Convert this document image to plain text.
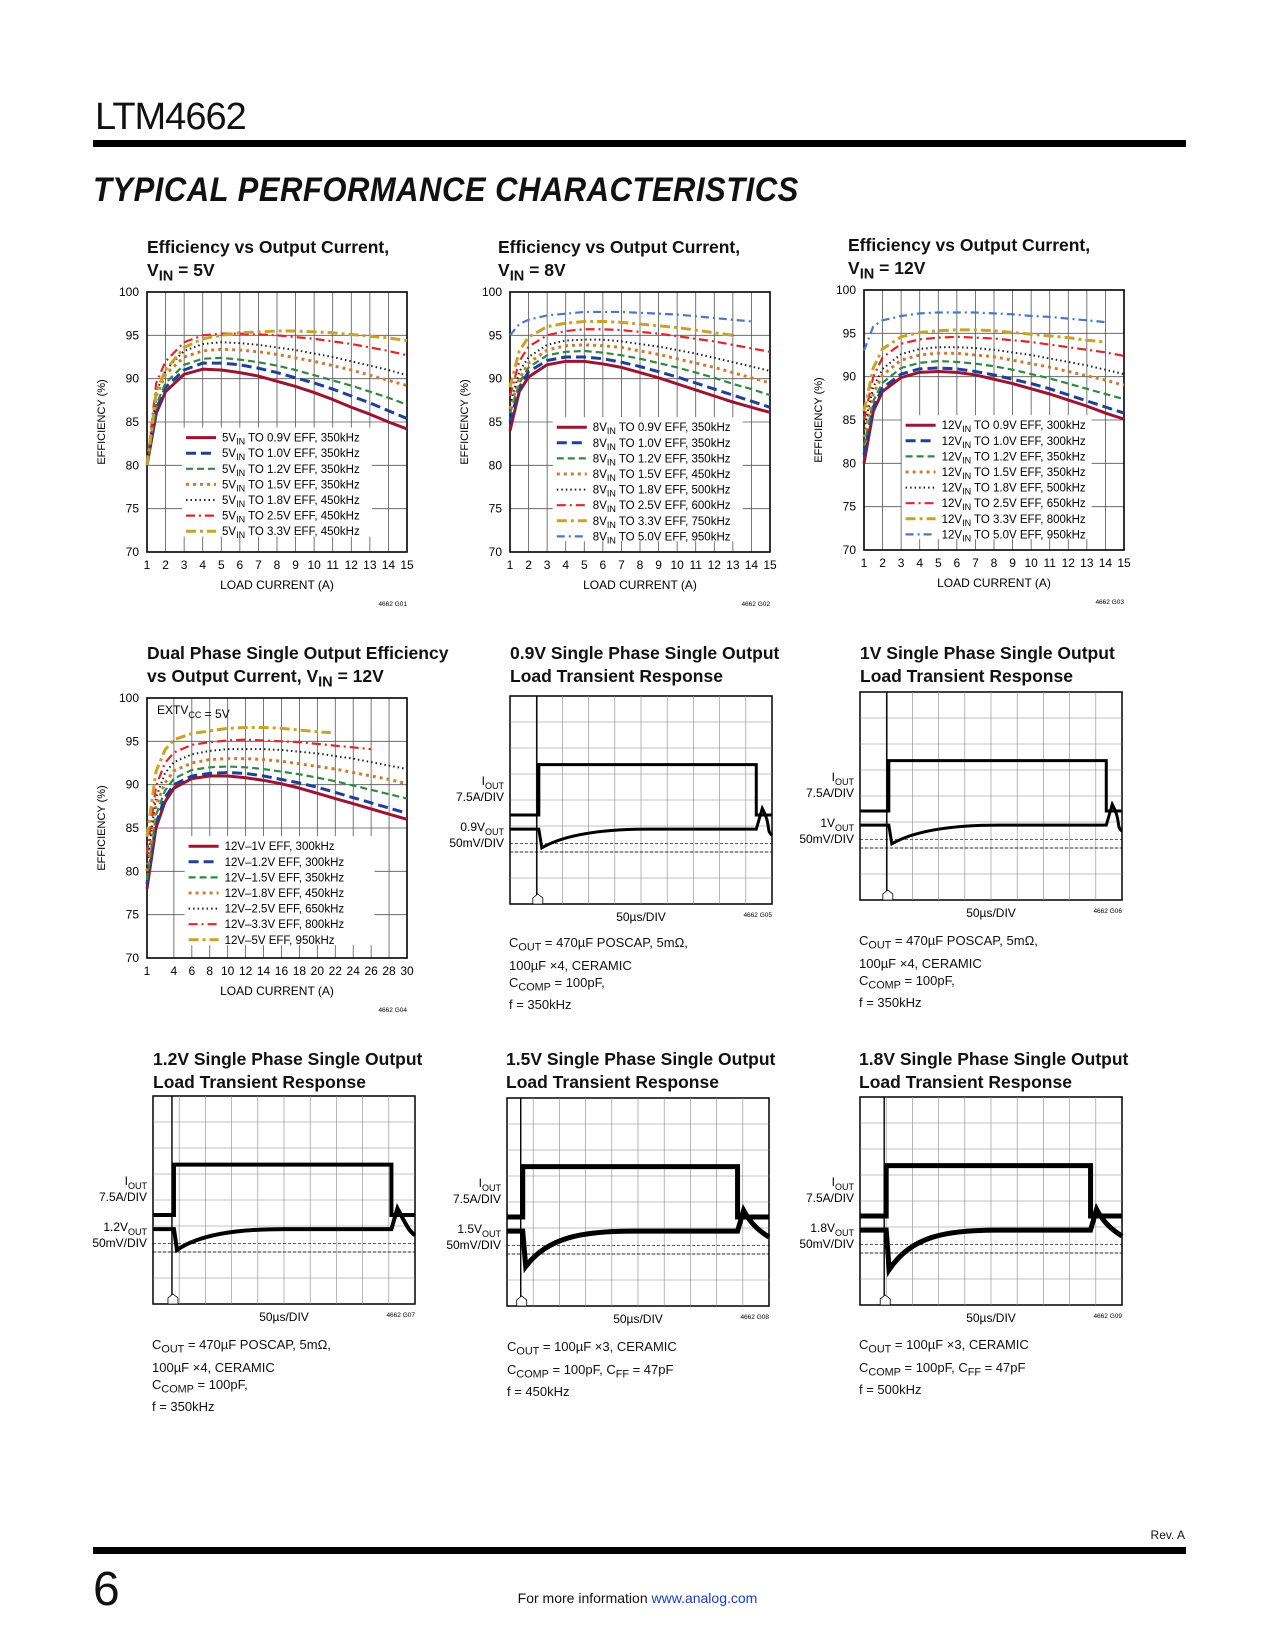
LTM4662
TYPICAL PERFORMANCE CHARACTERISTICS
Efficiency vs Output Current,
$V_{IN} = 5V$
1 2 3 4 5 6 7 8 9 10 11 12 13 14 15
70
75
80
85
90
95
100
LOAD CURRENT (A)
EFFICIENCY (%)
4662 G01
$5V_{IN}$ TO 0.9V EFF, 350kHz
$5V_{IN}$ TO 1.0V EFF, 350kHz
$5V_{IN}$ TO 1.2V EFF, 350kHz
$5V_{IN}$ TO 1.5V EFF, 350kHz
$5V_{IN}$ TO 1.8V EFF, 450kHz
$5V_{IN}$ TO 2.5V EFF, 450kHz
$5V_{IN}$ TO 3.3V EFF, 450kHz
Efficiency vs Output Current,
$V_{IN} = 8V$
1 2 3 4 5 6 7 8 9 10 11 12 13 14 15
70
75
80
85
90
95
100
LOAD CURRENT (A)
EFFICIENCY (%)
4662 G02
$8V_{IN}$ TO 0.9V EFF, 350kHz
$8V_{IN}$ TO 1.0V EFF, 350kHz
$8V_{IN}$ TO 1.2V EFF, 350kHz
$8V_{IN}$ TO 1.5V EFF, 450kHz
$8V_{IN}$ TO 1.8V EFF, 500kHz
$8V_{IN}$ TO 2.5V EFF, 600kHz
$8V_{IN}$ TO 3.3V EFF, 750kHz
$8V_{IN}$ TO 5.0V EFF, 950kHz
Efficiency vs Output Current,
$V_{IN} = 12V$
1 2 3 4 5 6 7 8 9 10 11 12 13 14 15
70
75
80
85
90
95
100
LOAD CURRENT (A)
EFFICIENCY (%)
4662 G03
$12V_{IN}$ TO 0.9V EFF, 300kHz
$12V_{IN}$ TO 1.0V EFF, 300kHz
$12V_{IN}$ TO 1.2V EFF, 350kHz
$12V_{IN}$ TO 1.5V EFF, 350kHz
$12V_{IN}$ TO 1.8V EFF, 500kHz
$12V_{IN}$ TO 2.5V EFF, 650kHz
$12V_{IN}$ TO 3.3V EFF, 800kHz
$12V_{IN}$ TO 5.0V EFF, 950kHz
Dual Phase Single Output Efficiency
vs Output Current, $V_{IN} = 12V$
1 4 6 8 10 12 14 16 18 20 22 24 26 28 30
70
75
80
85
90
95
100
LOAD CURRENT (A)
EFFICIENCY (%)
4662 G04
12V–1V EFF, 300kHz
12V–1.2V EFF, 300kHz
12V–1.5V EFF, 350kHz
12V–1.8V EFF, 450kHz
12V–2.5V EFF, 650kHz
12V–3.3V EFF, 800kHz
12V–5V EFF, 950kHz
$EXTV_{CC} = 5V$
0.9V Single Phase Single Output
Load Transient Response
$I_{OUT}$
7.5A/DIV
$0.9V_{OUT}$
50mV/DIV
50µs/DIV	4662 G05
$C_{OUT} = 470\mu F$ POSCAP, 5mΩ,
100µF ×4, CERAMIC
$C_{COMP} = 100pF$,
f = 350kHz
1V Single Phase Single Output
Load Transient Response
$I_{OUT}$
7.5A/DIV
$1V_{OUT}$
50mV/DIV
50µs/DIV	4662 G06
$C_{OUT} = 470\mu F$ POSCAP, 5mΩ,
100µF ×4, CERAMIC
$C_{COMP} = 100pF$,
f = 350kHz
1.2V Single Phase Single Output
Load Transient Response
$I_{OUT}$
7.5A/DIV
$1.2V_{OUT}$
50mV/DIV
50µs/DIV	4662 G07
$C_{OUT} = 470\mu F$ POSCAP, 5mΩ,
100µF ×4, CERAMIC
$C_{COMP} = 100pF$,
f = 350kHz
1.5V Single Phase Single Output
Load Transient Response
$I_{OUT}$
7.5A/DIV
$1.5V_{OUT}$
50mV/DIV
50µs/DIV	4662 G08
$C_{OUT} = 100\mu F \times 3$, CERAMIC
$C_{COMP} = 100pF$, $C_{FF} = 47pF$
f = 450kHz
1.8V Single Phase Single Output
Load Transient Response
$I_{OUT}$
7.5A/DIV
$1.8V_{OUT}$
50mV/DIV
50µs/DIV	4662 G09
$C_{OUT} = 100\mu F \times 3$, CERAMIC
$C_{COMP} = 100pF$, $C_{FF} = 47pF$
f = 500kHz
Rev. A
6	For more information www.analog.com
